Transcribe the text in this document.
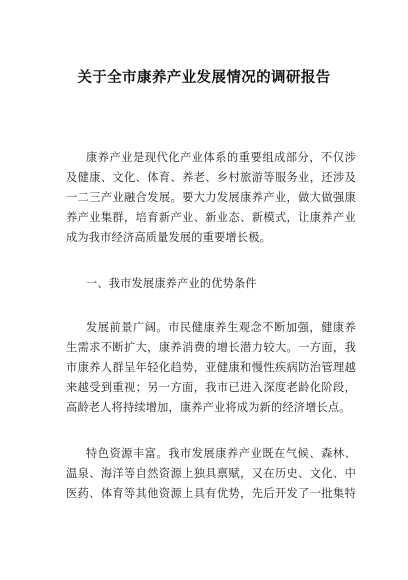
关于全市康养产业发展情况的调研报告
康养产业是现代化产业体系的重要组成部分，不仅涉
及健康、文化、体育、养老、乡村旅游等服务业，还涉及
一二三产业融合发展。要大力发展康养产业，做大做强康
养产业集群，培育新产业、新业态、新模式，让康养产业
成为我市经济高质量发展的重要增长极。
一、我市发展康养产业的优势条件
发展前景广阔。市民健康养生观念不断加强，健康养
生需求不断扩大，康养消费的增长潜力较大。一方面，我
市康养人群呈年轻化趋势，亚健康和慢性疾病防治管理越
来越受到重视；另一方面，我市已进入深度老龄化阶段，
高龄老人将持续增加，康养产业将成为新的经济增长点。
特色资源丰富。我市发展康养产业既在气候、森林、
温泉、海洋等自然资源上独具禀赋，又在历史、文化、中
医药、体育等其他资源上具有优势，先后开发了一批集特
